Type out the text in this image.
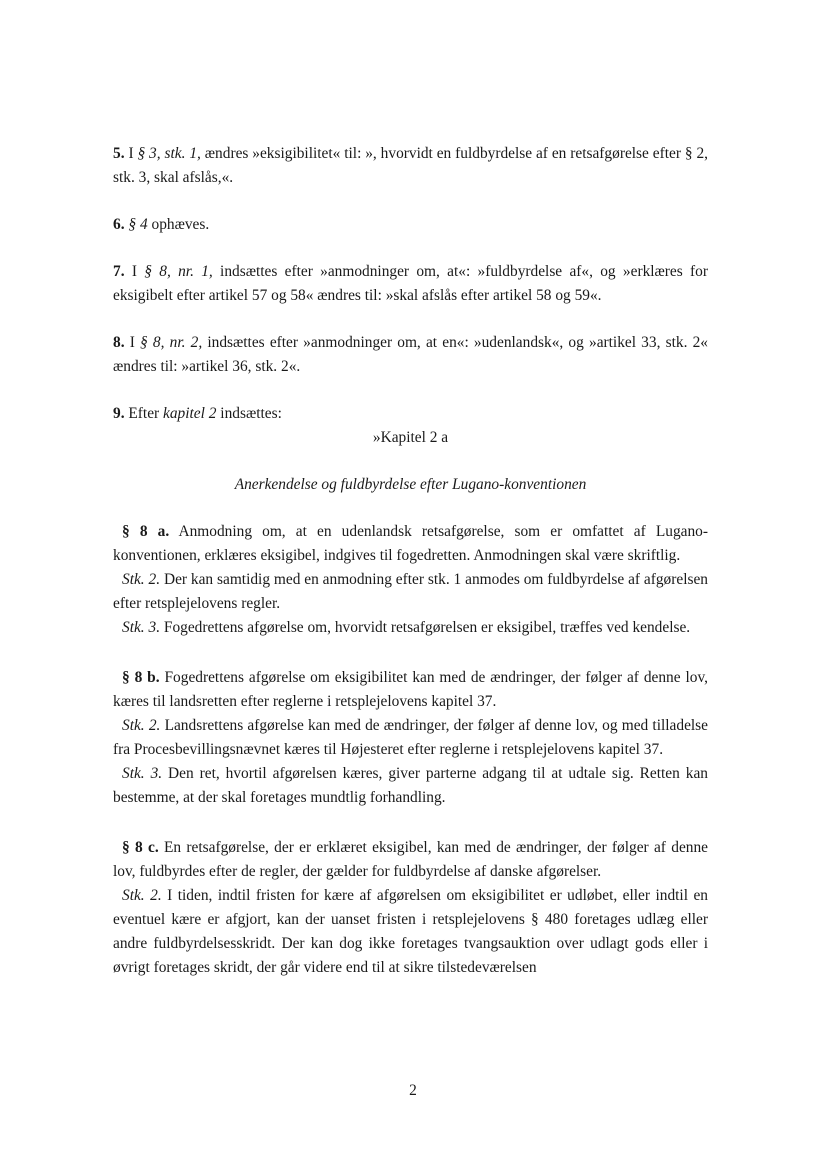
5. I § 3, stk. 1, ændres »eksigibilitet« til: », hvorvidt en fuldbyrdelse af en retsafgørelse efter § 2, stk. 3, skal afslås,«.

6. § 4 ophæves.

7. I § 8, nr. 1, indsættes efter »anmodninger om, at«: »fuldbyrdelse af«, og »erklæres for eksigibelt efter artikel 57 og 58« ændres til: »skal afslås efter artikel 58 og 59«.

8. I § 8, nr. 2, indsættes efter »anmodninger om, at en«: »udenlandsk«, og »artikel 33, stk. 2« ændres til: »artikel 36, stk. 2«.

9. Efter kapitel 2 indsættes:

»Kapitel 2 a

Anerkendelse og fuldbyrdelse efter Lugano-konventionen

§ 8 a. Anmodning om, at en udenlandsk retsafgørelse, som er omfattet af Lugano-konventionen, erklæres eksigibel, indgives til fogedretten. Anmodningen skal være skriftlig.

Stk. 2. Der kan samtidig med en anmodning efter stk. 1 anmodes om fuldbyrdelse af afgørelsen efter retsplejelovens regler.

Stk. 3. Fogedrettens afgørelse om, hvorvidt retsafgørelsen er eksigibel, træffes ved kendelse.

§ 8 b. Fogedrettens afgørelse om eksigibilitet kan med de ændringer, der følger af denne lov, kæres til landsretten efter reglerne i retsplejelovens kapitel 37.

Stk. 2. Landsrettens afgørelse kan med de ændringer, der følger af denne lov, og med tilladelse fra Procesbevillingsnævnet kæres til Højesteret efter reglerne i retsplejelovens kapitel 37.

Stk. 3. Den ret, hvortil afgørelsen kæres, giver parterne adgang til at udtale sig. Retten kan bestemme, at der skal foretages mundtlig forhandling.

§ 8 c. En retsafgørelse, der er erklæret eksigibel, kan med de ændringer, der følger af denne lov, fuldbyrdes efter de regler, der gælder for fuldbyrdelse af danske afgørelser.

Stk. 2. I tiden, indtil fristen for kære af afgørelsen om eksigibilitet er udløbet, eller indtil en eventuel kære er afgjort, kan der uanset fristen i retsplejelovens § 480 foretages udlæg eller andre fuldbyrdelsesskridt. Der kan dog ikke foretages tvangsauktion over udlagt gods eller i øvrigt foretages skridt, der går videre end til at sikre tilstedeværelsen

2
